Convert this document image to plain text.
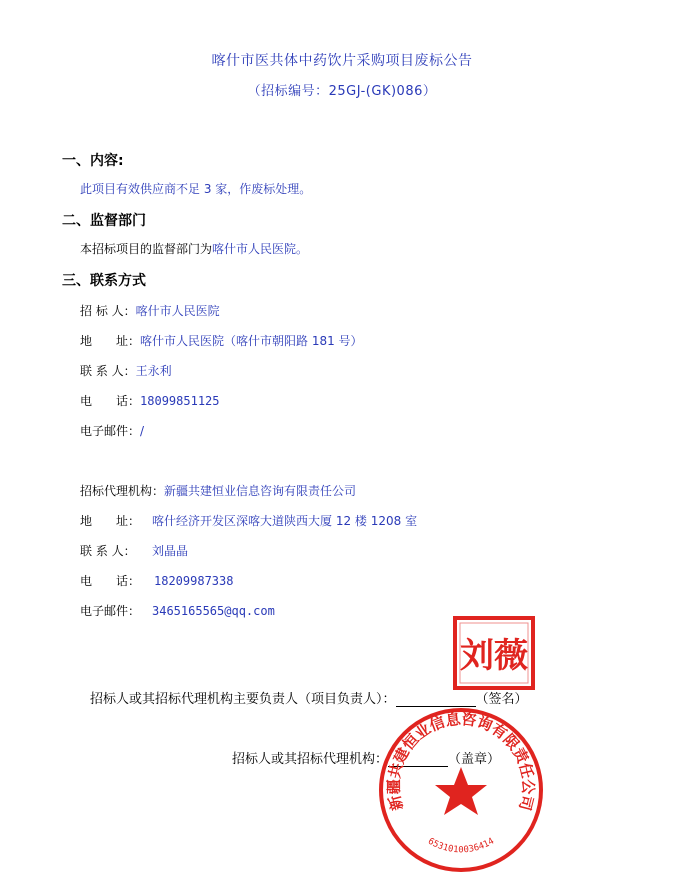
喀什市医共体中药饮片采购项目废标公告
（招标编号：25GJ-(GK)086）
一、内容:
此项目有效供应商不足 3 家，作废标处理。
二、监督部门
本招标项目的监督部门为喀什市人民医院。
三、联系方式
招 标 人：喀什市人民医院
地　　址：喀什市人民医院（喀什市朝阳路 181 号）
联 系 人：王永利
电　　话：18099851125
电子邮件：/
招标代理机构：新疆共建恒业信息咨询有限责任公司
地　　址： 喀什经济开发区深喀大道陕西大厦 12 楼 1208 室
联 系 人： 刘晶晶
电　　话： 18209987338
电子邮件： 3465165565@qq.com
招标人或其招标代理机构主要负责人（项目负责人）：	（签名）
招标人或其招标代理机构：	（盖章）
刘薇
新疆共建恒业信息咨询有限责任公司
6531010036414
